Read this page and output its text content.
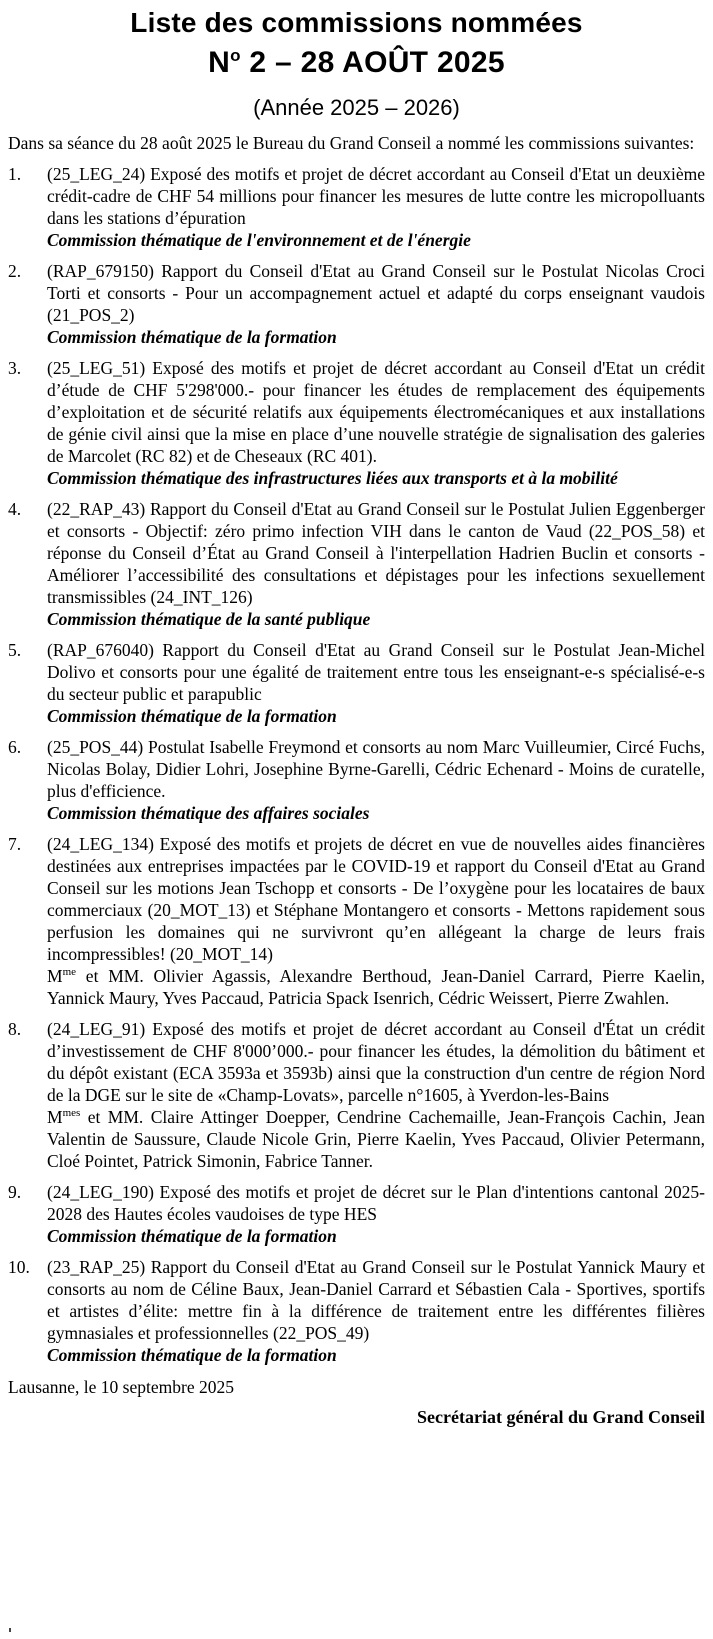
Liste des commissions nommées
$N^o$ 2 – 28 AOÛT 2025
(Année 2025 – 2026)

Dans sa séance du 28 août 2025 le Bureau du Grand Conseil a nommé les commissions suivantes:

1.	(25_LEG_24) Exposé des motifs et projet de décret accordant au Conseil d'Etat un deuxième crédit-cadre de CHF 54 millions pour financer les mesures de lutte contre les micropolluants dans les stations d’épuration

Commission thématique de l'environnement et de l'énergie

2.	(RAP_679150) Rapport du Conseil d'Etat au Grand Conseil sur le Postulat Nicolas Croci Torti et consorts - Pour un accompagnement actuel et adapté du corps enseignant vaudois (21_POS_2)

Commission thématique de la formation

3.	(25_LEG_51) Exposé des motifs et projet de décret accordant au Conseil d'Etat un crédit d’étude de CHF 5'298'000.- pour financer les études de remplacement des équipements d’exploitation et de sécurité relatifs aux équipements électromécaniques et aux installations de génie civil ainsi que la mise en place d’une nouvelle stratégie de signalisation des galeries de Marcolet (RC 82) et de Cheseaux (RC 401).

Commission thématique des infrastructures liées aux transports et à la mobilité

4.	(22_RAP_43) Rapport du Conseil d'Etat au Grand Conseil sur le Postulat Julien Eggenberger et consorts - Objectif: zéro primo infection VIH dans le canton de Vaud (22_POS_58) et réponse du Conseil d’État au Grand Conseil à l'interpellation Hadrien Buclin et consorts - Améliorer l’accessibilité des consultations et dépistages pour les infections sexuellement transmissibles (24_INT_126)

Commission thématique de la santé publique

5.	(RAP_676040) Rapport du Conseil d'Etat au Grand Conseil sur le Postulat Jean-Michel Dolivo et consorts pour une égalité de traitement entre tous les enseignant-e-s spécialisé-e-s du secteur public et parapublic

Commission thématique de la formation

6.	(25_POS_44) Postulat Isabelle Freymond et consorts au nom Marc Vuilleumier, Circé Fuchs, Nicolas Bolay, Didier Lohri, Josephine Byrne-Garelli, Cédric Echenard - Moins de curatelle, plus d'efficience.

Commission thématique des affaires sociales

7.	(24_LEG_134) Exposé des motifs et projets de décret en vue de nouvelles aides financières destinées aux entreprises impactées par le COVID-19 et rapport du Conseil d'Etat au Grand Conseil sur les motions Jean Tschopp et consorts - De l’oxygène pour les locataires de baux commerciaux (20_MOT_13) et Stéphane Montangero et consorts - Mettons rapidement sous perfusion les domaines qui ne survivront qu’en allégeant la charge de leurs frais incompressibles! (20_MOT_14)

$M^{me}$ et MM. Olivier Agassis, Alexandre Berthoud, Jean-Daniel Carrard, Pierre Kaelin, Yannick Maury, Yves Paccaud, Patricia Spack Isenrich, Cédric Weissert, Pierre Zwahlen.

8.	(24_LEG_91) Exposé des motifs et projet de décret accordant au Conseil d'État un crédit d’investissement de CHF 8'000’000.- pour financer les études, la démolition du bâtiment et du dépôt existant (ECA 3593a et 3593b) ainsi que la construction d'un centre de région Nord de la DGE sur le site de «Champ-Lovats», parcelle n°1605, à Yverdon-les-Bains

$M^{mes}$ et MM. Claire Attinger Doepper, Cendrine Cachemaille, Jean-François Cachin, Jean Valentin de Saussure, Claude Nicole Grin, Pierre Kaelin, Yves Paccaud, Olivier Petermann, Cloé Pointet, Patrick Simonin, Fabrice Tanner.

9.	(24_LEG_190) Exposé des motifs et projet de décret sur le Plan d'intentions cantonal 2025-2028 des Hautes écoles vaudoises de type HES

Commission thématique de la formation

10. (23_RAP_25) Rapport du Conseil d'Etat au Grand Conseil sur le Postulat Yannick Maury et consorts au nom de Céline Baux, Jean-Daniel Carrard et Sébastien Cala - Sportives, sportifs et artistes d’élite: mettre fin à la différence de traitement entre les différentes filières gymnasiales et professionnelles (22_POS_49)

Commission thématique de la formation

Lausanne, le 10 septembre 2025

Secrétariat général du Grand Conseil
